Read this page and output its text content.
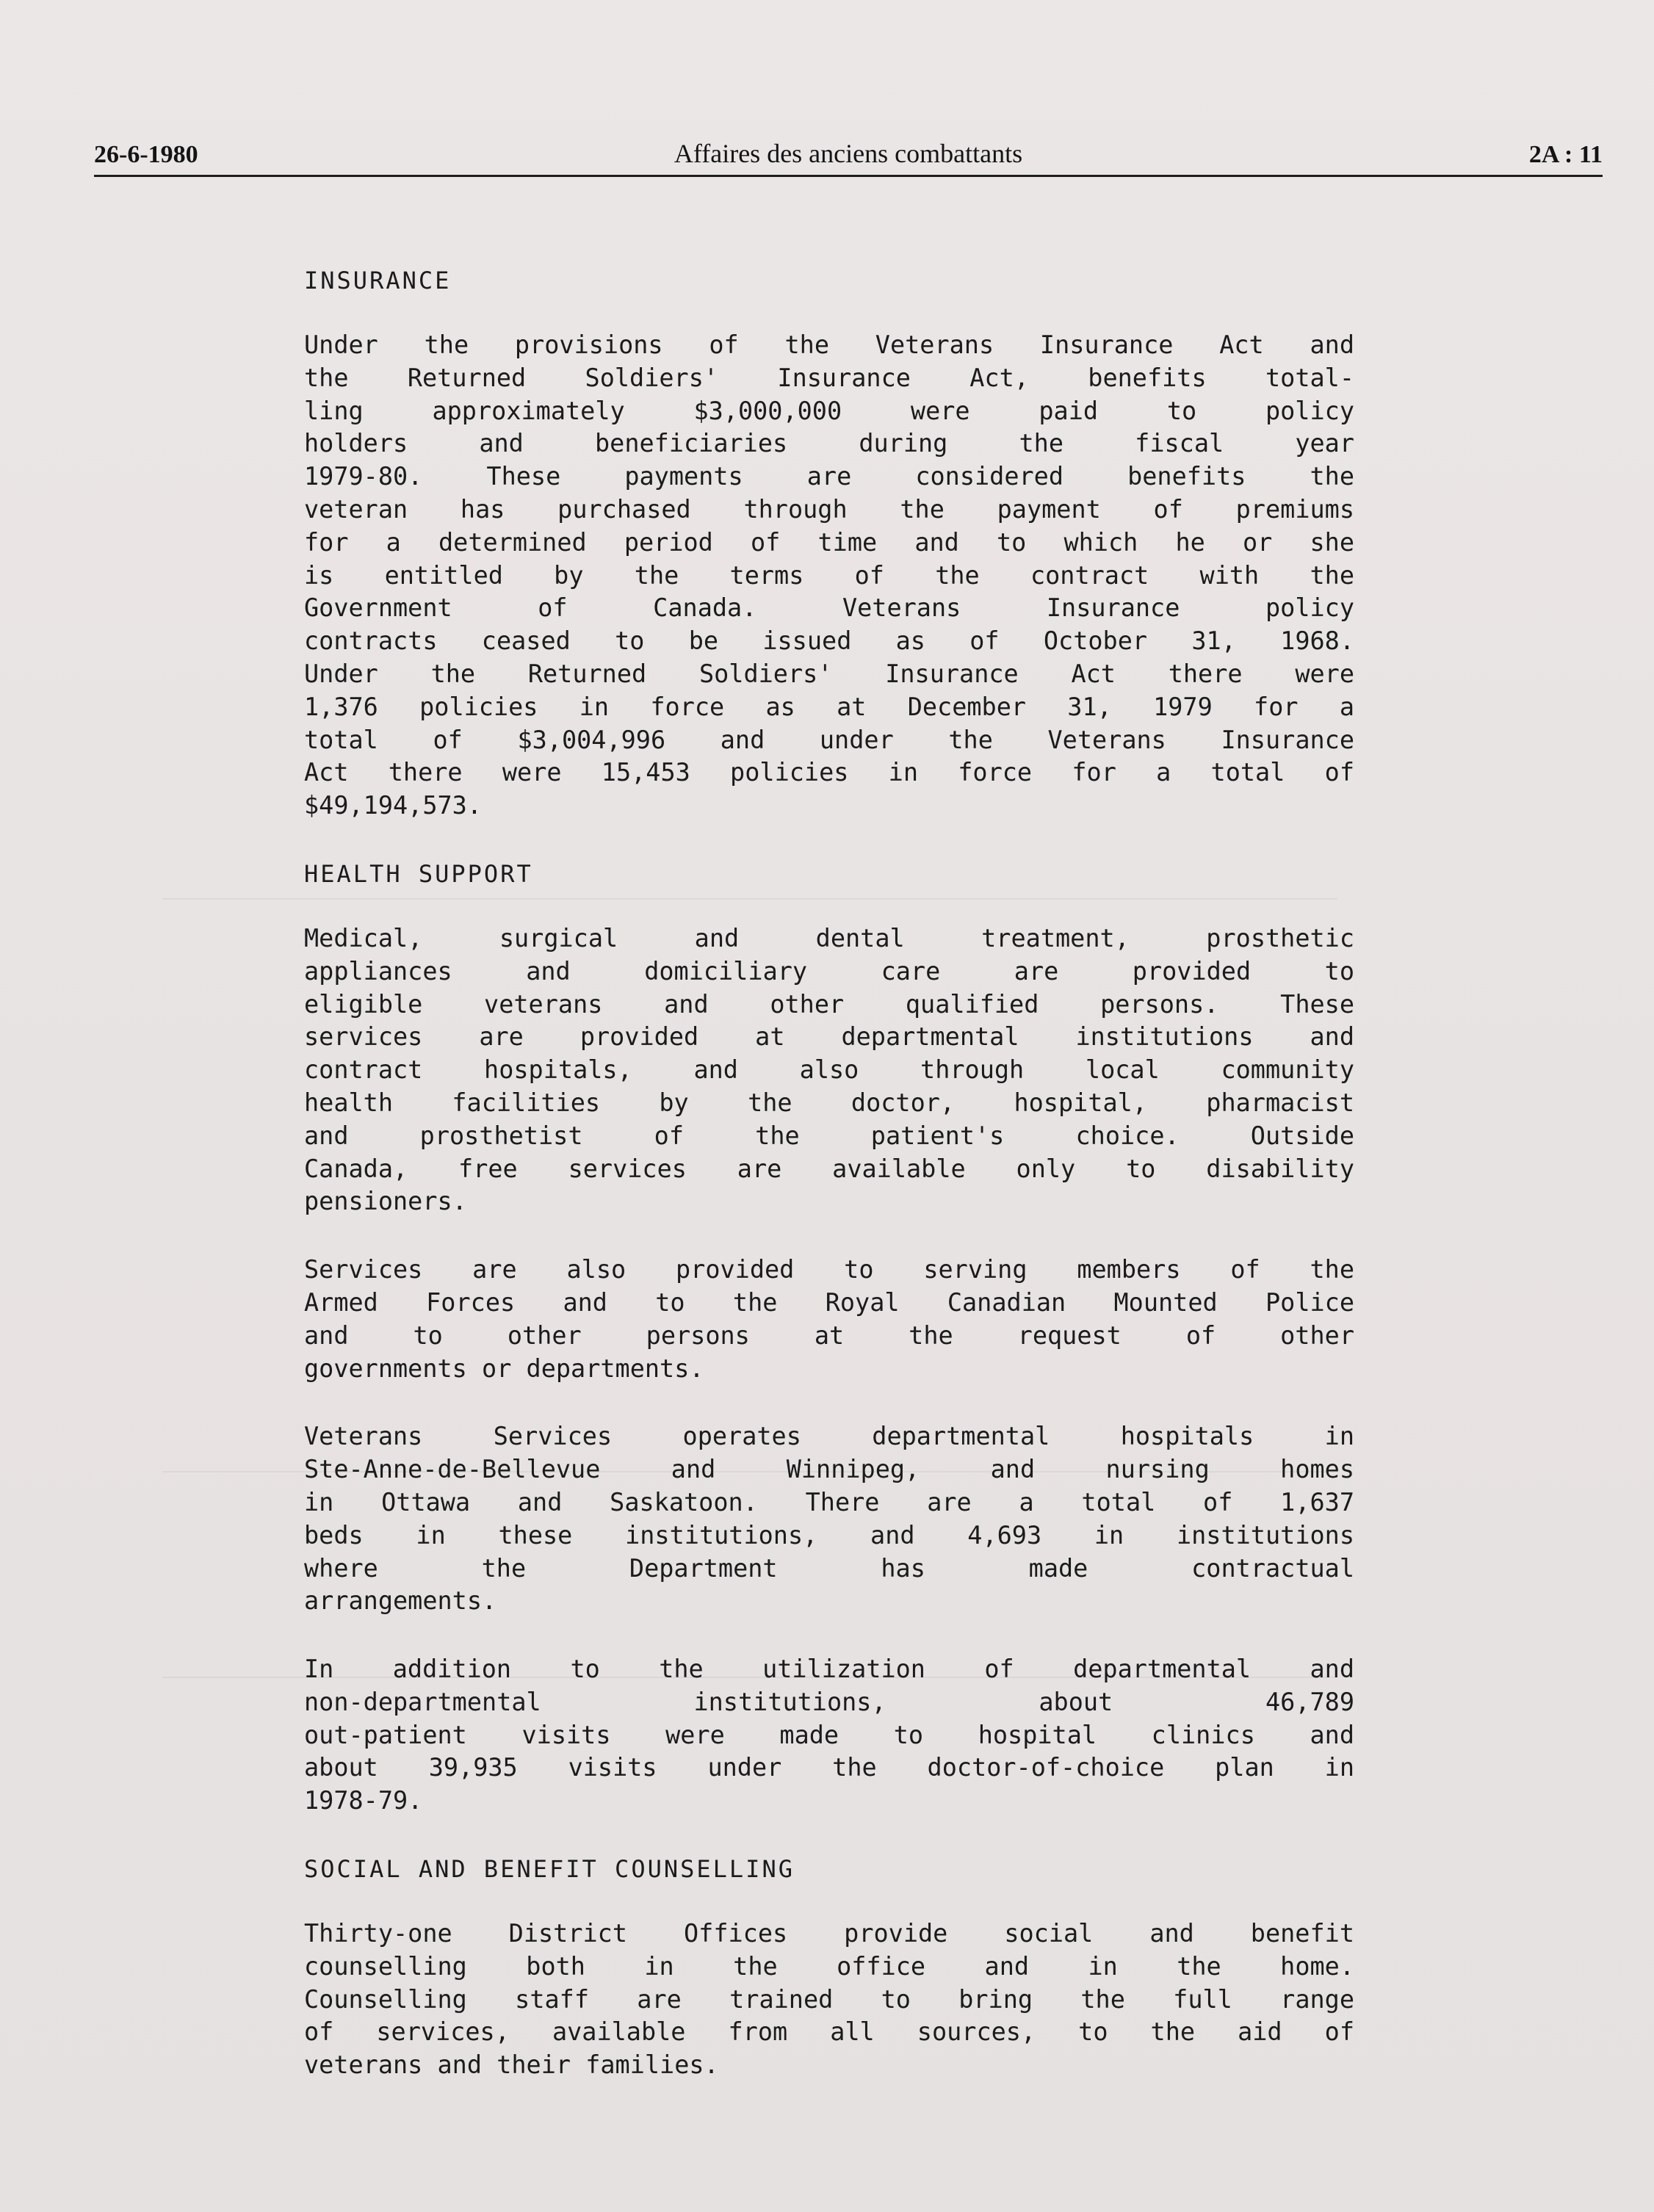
26-6-1980	Affaires des anciens combattants	2A : 11
INSURANCE
Under the provisions of the Veterans Insurance Act and
the Returned Soldiers' Insurance Act, benefits total-
ling approximately $3,000,000 were paid to policy
holders and beneficiaries during the fiscal year
1979-80. These payments are considered benefits the
veteran has purchased through the payment of premiums
for a determined period of time and to which he or she
is entitled by the terms of the contract with the
Government of Canada. Veterans Insurance policy
contracts ceased to be issued as of October 31, 1968.
Under the Returned Soldiers' Insurance Act there were
1,376 policies in force as at December 31, 1979 for a
total of $3,004,996 and under the Veterans Insurance
Act there were 15,453 policies in force for a total of
$49,194,573.
HEALTH SUPPORT
Medical, surgical and dental treatment, prosthetic
appliances and domiciliary care are provided to
eligible veterans and other qualified persons. These
services are provided at departmental institutions and
contract hospitals, and also through local community
health facilities by the doctor, hospital, pharmacist
and prosthetist of the patient's choice. Outside
Canada, free services are available only to disability
pensioners.
Services are also provided to serving members of the
Armed Forces and to the Royal Canadian Mounted Police
and to other persons at the request of other
governments or departments.
Veterans Services operates departmental hospitals in
Ste-Anne-de-Bellevue and Winnipeg, and nursing homes
in Ottawa and Saskatoon. There are a total of 1,637
beds in these institutions, and 4,693 in institutions
where the Department has made contractual
arrangements.
In addition to the utilization of departmental and
non-departmental institutions, about 46,789
out-patient visits were made to hospital clinics and
about 39,935 visits under the doctor-of-choice plan in
1978-79.
SOCIAL AND BENEFIT COUNSELLING
Thirty-one District Offices provide social and benefit
counselling both in the office and in the home.
Counselling staff are trained to bring the full range
of services, available from all sources, to the aid of
veterans and their families.
